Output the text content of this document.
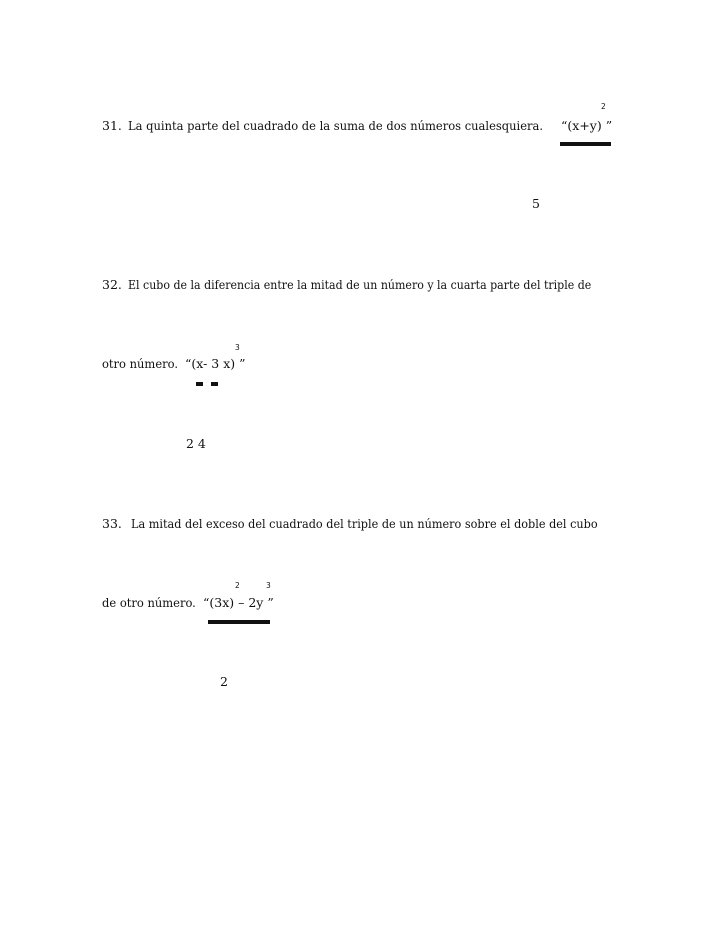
2
31. La quinta parte del cuadrado de la suma de dos números cualesquiera. “(x+y) ”
5
32. El cubo de la diferencia entre la mitad de un número y la cuarta parte del triple de
3
otro número. “(x- 3 x) ”
2 4
33. La mitad del exceso del cuadrado del triple de un número sobre el doble del cubo
2	3
de otro número. “(3x) – 2y ”
2
